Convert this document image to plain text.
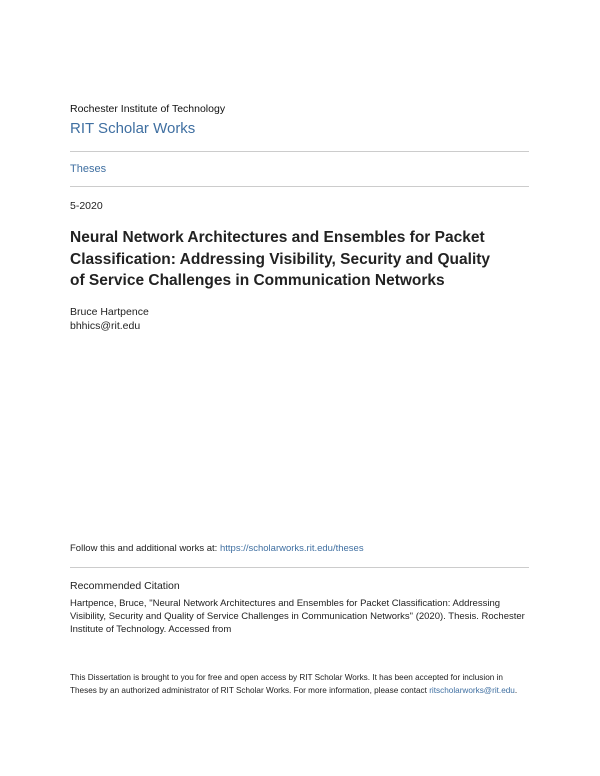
Rochester Institute of Technology
RIT Scholar Works
Theses
5-2020
Neural Network Architectures and Ensembles for Packet Classification: Addressing Visibility, Security and Quality of Service Challenges in Communication Networks
Bruce Hartpence
bhhics@rit.edu
Follow this and additional works at: https://scholarworks.rit.edu/theses
Recommended Citation
Hartpence, Bruce, "Neural Network Architectures and Ensembles for Packet Classification: Addressing Visibility, Security and Quality of Service Challenges in Communication Networks" (2020). Thesis. Rochester Institute of Technology. Accessed from
This Dissertation is brought to you for free and open access by RIT Scholar Works. It has been accepted for inclusion in Theses by an authorized administrator of RIT Scholar Works. For more information, please contact ritscholarworks@rit.edu.
